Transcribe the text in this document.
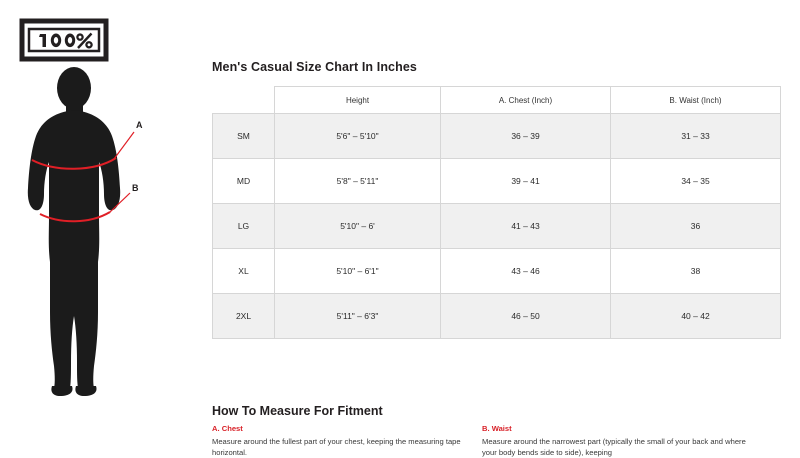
A
B
Men's Casual Size Chart In Inches
	Height	A. Chest (Inch)	B. Waist (Inch)
SM	5'6" – 5'10"	36 – 39	31 – 33
MD	5'8" – 5'11"	39 – 41	34 – 35
LG	5'10" – 6'	41 – 43	36
XL	5'10" – 6'1"	43 – 46	38
2XL	5'11" – 6'3"	46 – 50	40 – 42
How To Measure For Fitment
A. Chest
Measure around the fullest part of your chest, keeping the measuring tape horizontal.
B. Waist
Measure around the narrowest part (typically the small of your back and where your body bends side to side), keeping
